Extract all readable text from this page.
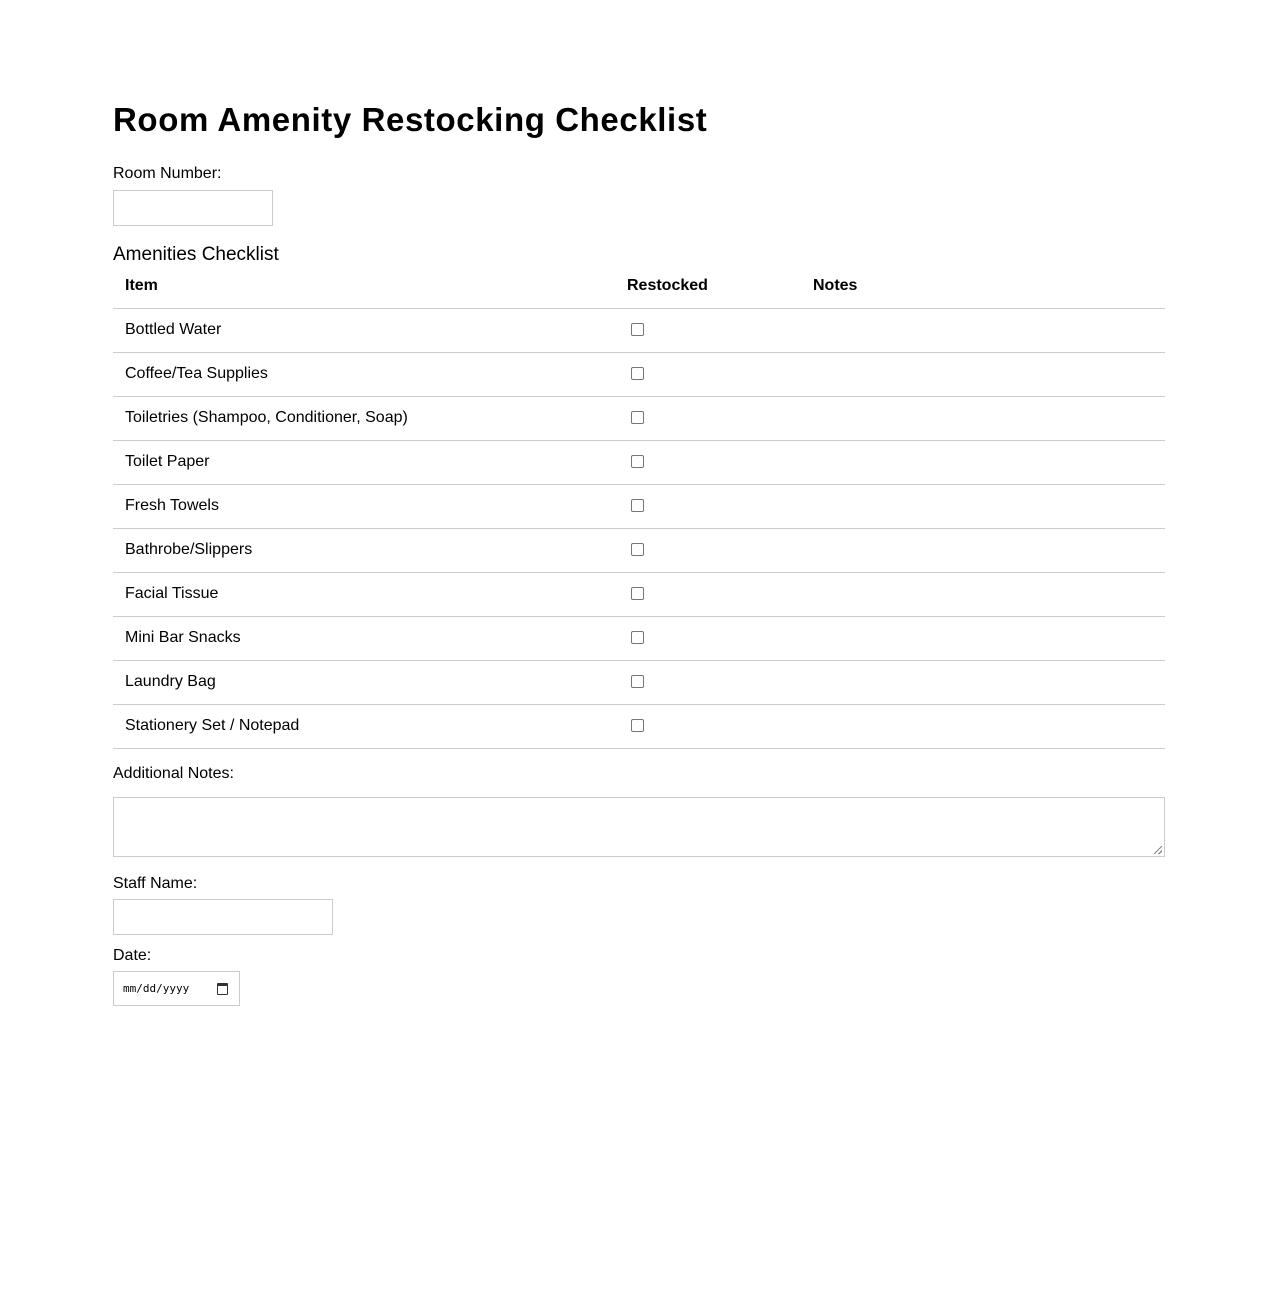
Room Amenity Restocking Checklist
Room Number:
Amenities Checklist
Item	Restocked	Notes
Bottled Water		
Coffee/Tea Supplies		
Toiletries (Shampoo, Conditioner, Soap)		
Toilet Paper		
Fresh Towels		
Bathrobe/Slippers		
Facial Tissue		
Mini Bar Snacks		
Laundry Bag		
Stationery Set / Notepad		
Additional Notes:
Staff Name:
Date:
mm/dd/yyyy
